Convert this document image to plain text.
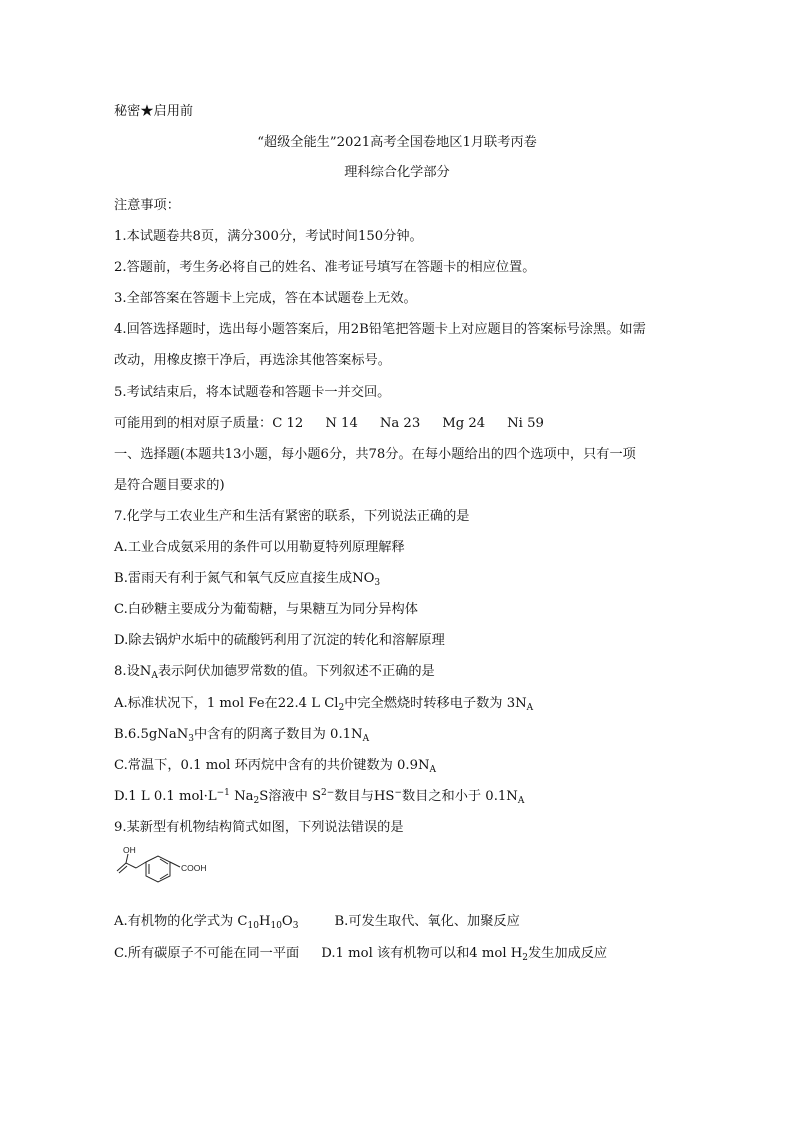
秘密★启用前
“超级全能生”2021高考全国卷地区1月联考丙卷
理科综合化学部分
注意事项：
1.本试题卷共8页，满分300分，考试时间150分钟。
2.答题前，考生务必将自己的姓名、准考证号填写在答题卡的相应位置。
3.全部答案在答题卡上完成，答在本试题卷上无效。
4.回答选择题时，选出每小题答案后，用2B铅笔把答题卡上对应题目的答案标号涂黑。如需
改动，用橡皮擦干净后，再选涂其他答案标号。
5.考试结束后，将本试题卷和答题卡一并交回。
可能用到的相对原子质量：C 12 N 14 Na 23 Mg 24 Ni 59
一、选择题(本题共13小题，每小题6分，共78分。在每小题给出的四个选项中，只有一项
是符合题目要求的)
7.化学与工农业生产和生活有紧密的联系，下列说法正确的是
A.工业合成氨采用的条件可以用勒夏特列原理解释
B.雷雨天有利于氮气和氧气反应直接生成$NO_3$
C.白砂糖主要成分为葡萄糖，与果糖互为同分异构体
D.除去锅炉水垢中的硫酸钙利用了沉淀的转化和溶解原理
8.设$N_A$表示阿伏加德罗常数的值。下列叙述不正确的是
A.标准状况下，1 mol Fe在22.4 L $Cl_2$中完全燃烧时转移电子数为 $3N_A$
B.6.5gNaN$_3$中含有的阴离子数目为 $0.1N_A$
C.常温下，0.1 mol 环丙烷中含有的共价键数为 $0.9N_A$
D.1 L 0.1 $mol\cdot L^{-1}$ $Na_2S$溶液中 $S^{2-}$数目与HS−数目之和小于 $0.1N_A$
9.某新型有机物结构简式如图，下列说法错误的是
OH
COOH
A.有机物的化学式为 $C_{10}H_{10}O_3$	B.可发生取代、氧化、加聚反应
C.所有碳原子不可能在同一平面 D.1 mol 该有机物可以和4 mol $H_2$发生加成反应
